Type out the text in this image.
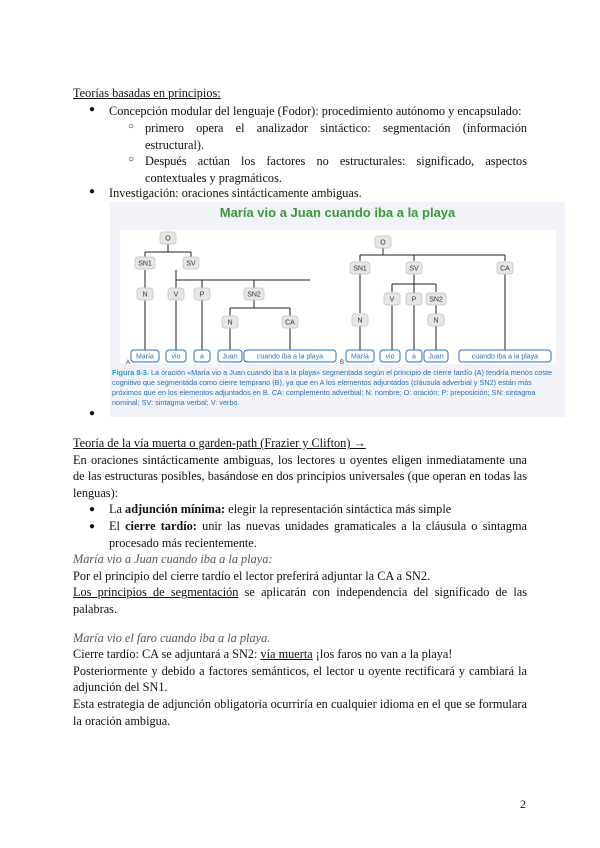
Teorías basadas en principios:
● Concepción modular del lenguaje (Fodor): procedimiento autónomo y encapsulado:
○ primero opera el analizador sintáctico: segmentación (información estructural).
○ Después actúan los factores no estructurales: significado, aspectos contextuales y pragmáticos.
● Investigación: oraciones sintácticamente ambiguas.
María vio a Juan cuando iba a la playa
O
SN1	SV
N	V	P	SN2
N	CA
María	vio	a	Juan	cuando iba a la playa
O
SN1	SV	CA
V P SN2
N	N
María vio	a Juan	cuando iba a la playa
A	B
Figura 8-3. La oración «María vio a Juan cuando iba a la playa» segmentada según el principio de cierre tardío (A) tendría menos coste cognitivo que segmentada como cierre temprano (B), ya que en A los elementos adjuntados (cláusula adverbial y SN2) están más próximos que en los elementos adjuntados en B. CA: complemento adverbial; N: nombre; O: oración; P: preposición; SN: sintagma nominal; SV: sintagma verbal; V: verbo.
●
Teoría de la vía muerta o garden-path (Frazier y Clifton) →
En oraciones sintácticamente ambiguas, los lectores u oyentes eligen inmediatamente una de las estructuras posibles, basándose en dos principios universales (que operan en todas las lenguas):
● La adjunción mínima: elegir la representación sintáctica más simple
● El cierre tardío: unir las nuevas unidades gramaticales a la cláusula o sintagma procesado más recientemente.
María vio a Juan cuando iba a la playa:
Por el principio del cierre tardío el lector preferirá adjuntar la CA a SN2.
Los principios de segmentación se aplicarán con independencia del significado de las palabras.
María vio el faro cuando iba a la playa.
Cierre tardío: CA se adjuntará a SN2: vía muerta ¡los faros no van a la playa!
Posteriormente y debido a factores semánticos, el lector u oyente rectificará y cambiará la adjunción del SN1.
Esta estrategia de adjunción obligatoria ocurriría en cualquier idioma en el que se formulara la oración ambigua.
2
